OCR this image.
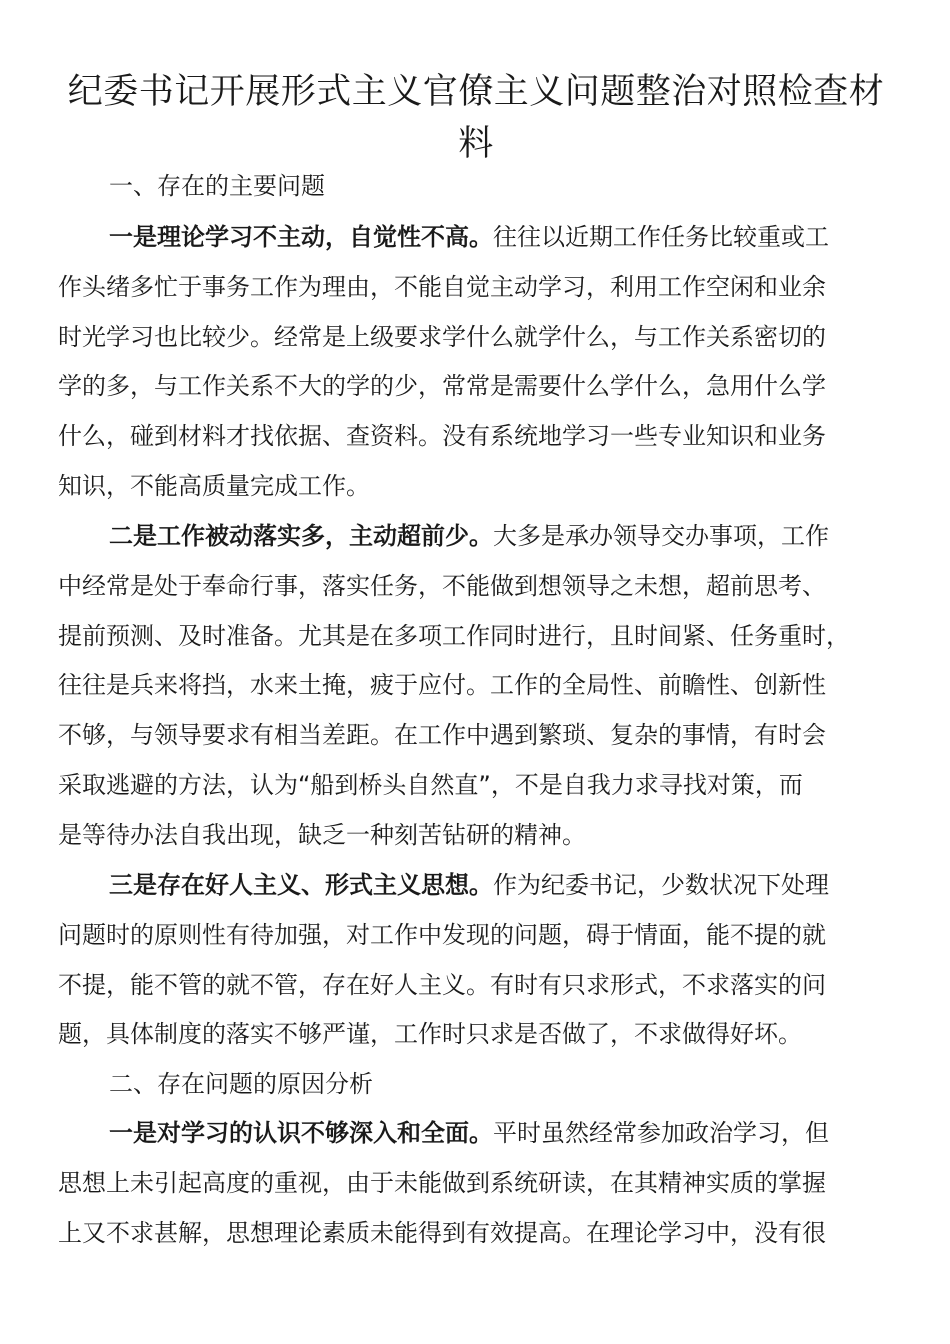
纪委书记开展形式主义官僚主义问题整治对照检查材料
一、存在的主要问题
一是理论学习不主动，自觉性不高。往往以近期工作任务比较重或工
作头绪多忙于事务工作为理由，不能自觉主动学习，利用工作空闲和业余
时光学习也比较少。经常是上级要求学什么就学什么，与工作关系密切的
学的多，与工作关系不大的学的少，常常是需要什么学什么，急用什么学
什么，碰到材料才找依据、查资料。没有系统地学习一些专业知识和业务
知识，不能高质量完成工作。
二是工作被动落实多，主动超前少。大多是承办领导交办事项，工作
中经常是处于奉命行事，落实任务，不能做到想领导之未想，超前思考、
提前预测、及时准备。尤其是在多项工作同时进行，且时间紧、任务重时，
往往是兵来将挡，水来土掩，疲于应付。工作的全局性、前瞻性、创新性
不够，与领导要求有相当差距。在工作中遇到繁琐、复杂的事情，有时会
采取逃避的方法，认为“船到桥头自然直”，不是自我力求寻找对策，而
是等待办法自我出现，缺乏一种刻苦钻研的精神。
三是存在好人主义、形式主义思想。作为纪委书记，少数状况下处理
问题时的原则性有待加强，对工作中发现的问题，碍于情面，能不提的就
不提，能不管的就不管，存在好人主义。有时有只求形式，不求落实的问
题，具体制度的落实不够严谨，工作时只求是否做了，不求做得好坏。
二、存在问题的原因分析
一是对学习的认识不够深入和全面。平时虽然经常参加政治学习，但
思想上未引起高度的重视，由于未能做到系统研读，在其精神实质的掌握
上又不求甚解，思想理论素质未能得到有效提高。在理论学习中，没有很
